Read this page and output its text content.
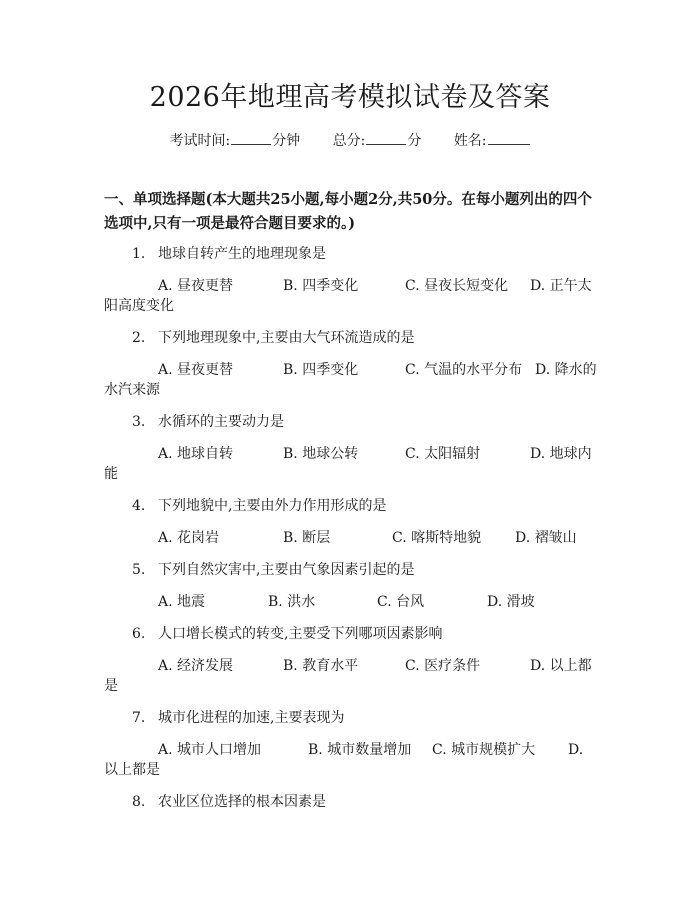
2026年地理高考模拟试卷及答案
考试时间:	分钟 总分:	分 姓名:
一、单项选择题(本大题共25小题,每小题2分,共50分。在每小题列出的四个选项中,只有一项是最符合题目要求的。)
1. 地球自转产生的地理现象是
A. 昼夜更替	B. 四季变化	C. 昼夜长短变化 D. 正午太
阳高度变化
2. 下列地理现象中,主要由大气环流造成的是
A. 昼夜更替	B. 四季变化	C. 气温的水平分布 D. 降水的
水汽来源
3. 水循环的主要动力是
A. 地球自转	B. 地球公转	C. 太阳辐射	D. 地球内
能
4. 下列地貌中,主要由外力作用形成的是
A. 花岗岩	B. 断层	C. 喀斯特地貌 D. 褶皱山
5. 下列自然灾害中,主要由气象因素引起的是
A. 地震	B. 洪水	C. 台风	D. 滑坡
6. 人口增长模式的转变,主要受下列哪项因素影响
A. 经济发展	B. 教育水平	C. 医疗条件	D. 以上都
是
7. 城市化进程的加速,主要表现为
A. 城市人口增加	B. 城市数量增加 C. 城市规模扩大 D.
以上都是
8. 农业区位选择的根本因素是
